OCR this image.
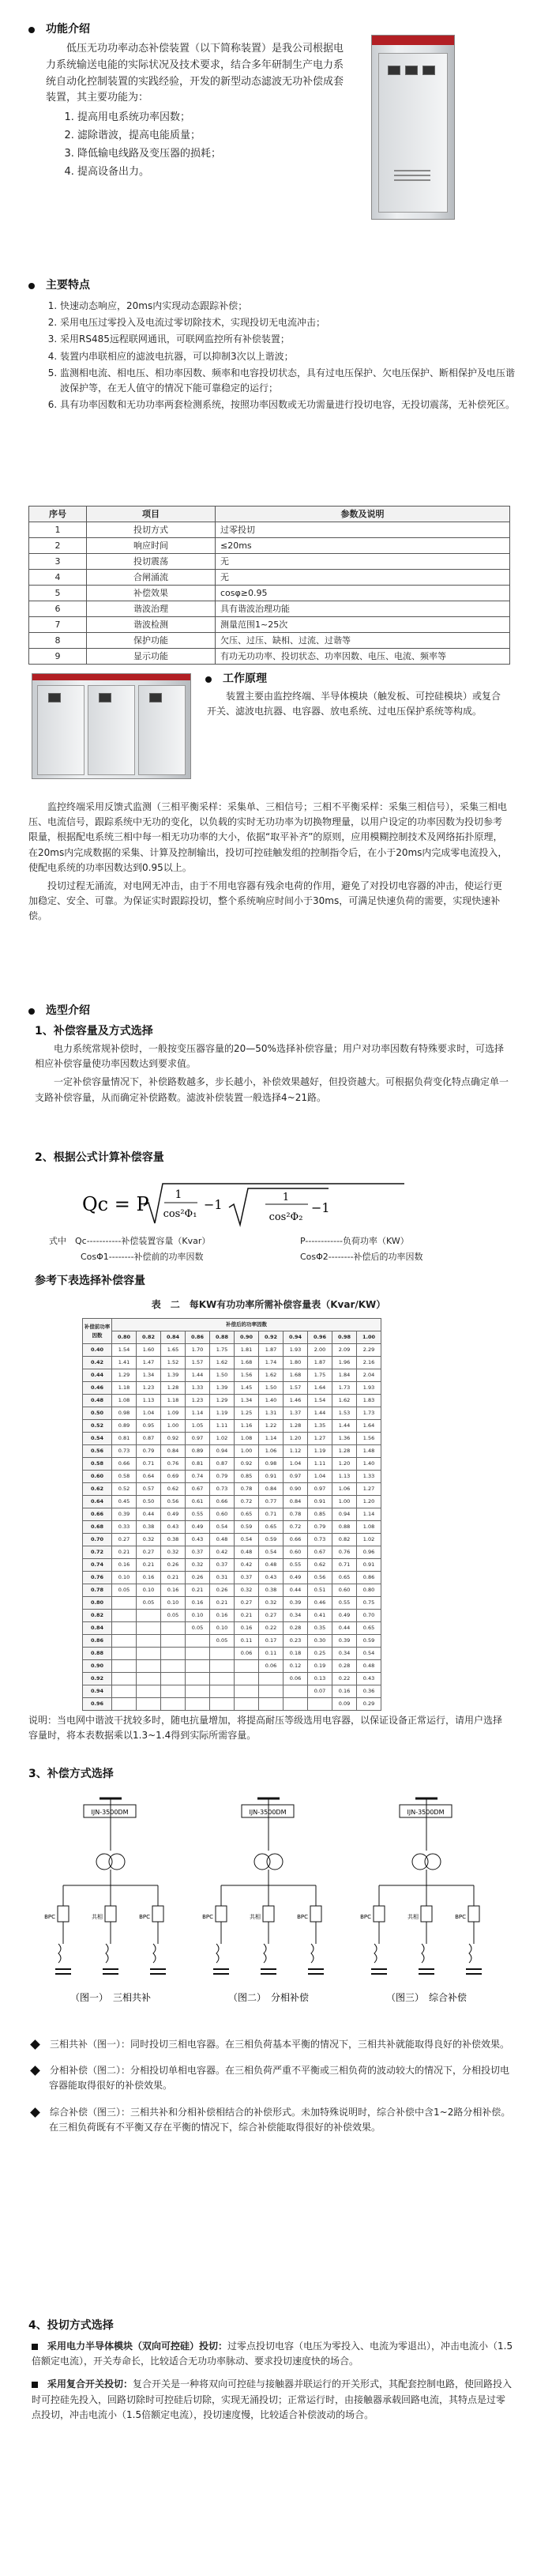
功能介绍

低压无功功率动态补偿装置（以下简称装置）是我公司根据电力系统输送电能的实际状况及技术要求，结合多年研制生产电力系统自动化控制装置的实践经验，开发的新型动态滤波无功补偿成套装置，其主要功能为：

1. 提高用电系统功率因数；
2. 滤除谐波，提高电能质量；
3. 降低输电线路及变压器的损耗；
4. 提高设备出力。
主要特点
1. 快速动态响应，20ms内实现动态跟踪补偿；
2. 采用电压过零投入及电流过零切除技术，实现投切无电流冲击；
3. 采用RS485远程联网通讯，可联网监控所有补偿装置；
4. 装置内串联相应的滤波电抗器，可以抑制3次以上谐波；
5. 监测相电流、相电压、相功率因数、频率和电容投切状态，具有过电压保护、欠电压保护、断相保护及电压谐波保护等，在无人值守的情况下能可靠稳定的运行；
6. 具有功率因数和无功功率两套检测系统，按照功率因数或无功需量进行投切电容，无投切震荡，无补偿死区。
序号	项目	参数及说明
1	投切方式	过零投切
2	响应时间	≤20ms
3	投切震荡	无
4	合闸涌流	无
5	补偿效果	cosφ≥0.95
6	谐波治理	具有谐波治理功能
7	谐波检测	测量范围1~25次
8	保护功能	欠压、过压、缺相、过流、过谐等
9	显示功能	有功无功功率、投切状态、功率因数、电压、电流、频率等
工作原理

装置主要由监控终端、半导体模块（触发板、可控硅模块）或复合开关、滤波电抗器、电容器、放电系统、过电压保护系统等构成。

监控终端采用反馈式监测（三相平衡采样：采集单、三相信号；三相不平衡采样：采集三相信号），采集三相电压、电流信号，跟踪系统中无功的变化，以负载的实时无功功率为切换物理量，以用户设定的功率因数为投切参考限量，根据配电系统三相中每一相无功功率的大小，依据“取平补齐”的原则，应用模糊控制技术及网络拓扑原理，在20ms内完成数据的采集、计算及控制输出，投切可控硅触发组的控制指令后，在小于20ms内完成零电流投入，使配电系统的功率因数达到0.95以上。

投切过程无涌流，对电网无冲击，由于不用电容器有残余电荷的作用，避免了对投切电容器的冲击，使运行更加稳定、安全、可靠。为保证实时跟踪投切，整个系统响应时间小于30ms，可满足快速负荷的需要，实现快速补偿。

选型介绍
1、补偿容量及方式选择

电力系统常规补偿时，一般按变压器容量的20—50%选择补偿容量；用户对功率因数有特殊要求时，可选择相应补偿容量使功率因数达到要求值。

一定补偿容量情况下，补偿路数越多，步长越小，补偿效果越好，但投资越大。可根据负荷变化特点确定单一支路补偿容量，从而确定补偿路数。滤波补偿装置一般选择4~21路。

2、根据公式计算补偿容量
Qc = P 1
cos²Φ₁
−1	1
cos²Φ₂
−1
式中　Qc-----------补偿装置容量（Kvar）	P------------负荷功率（KW）
CosΦ1--------补偿前的功率因数	CosΦ2--------补偿后的功率因数
参考下表选择补偿容量
表　二　每KW有功功率所需补偿容量表（Kvar/KW）
补偿前功率因数	补偿后的功率因数										
	0.80	0.82	0.84	0.86	0.88	0.90	0.92	0.94	0.96	0.98	1.00
0.40	1.54	1.60	1.65	1.70	1.75	1.81	1.87	1.93	2.00	2.09	2.29
0.42	1.41	1.47	1.52	1.57	1.62	1.68	1.74	1.80	1.87	1.96	2.16
0.44	1.29	1.34	1.39	1.44	1.50	1.56	1.62	1.68	1.75	1.84	2.04
0.46	1.18	1.23	1.28	1.33	1.39	1.45	1.50	1.57	1.64	1.73	1.93
0.48	1.08	1.13	1.18	1.23	1.29	1.34	1.40	1.46	1.54	1.62	1.83
0.50	0.98	1.04	1.09	1.14	1.19	1.25	1.31	1.37	1.44	1.53	1.73
0.52	0.89	0.95	1.00	1.05	1.11	1.16	1.22	1.28	1.35	1.44	1.64
0.54	0.81	0.87	0.92	0.97	1.02	1.08	1.14	1.20	1.27	1.36	1.56
0.56	0.73	0.79	0.84	0.89	0.94	1.00	1.06	1.12	1.19	1.28	1.48
0.58	0.66	0.71	0.76	0.81	0.87	0.92	0.98	1.04	1.11	1.20	1.40
0.60	0.58	0.64	0.69	0.74	0.79	0.85	0.91	0.97	1.04	1.13	1.33
0.62	0.52	0.57	0.62	0.67	0.73	0.78	0.84	0.90	0.97	1.06	1.27
0.64	0.45	0.50	0.56	0.61	0.66	0.72	0.77	0.84	0.91	1.00	1.20
0.66	0.39	0.44	0.49	0.55	0.60	0.65	0.71	0.78	0.85	0.94	1.14
0.68	0.33	0.38	0.43	0.49	0.54	0.59	0.65	0.72	0.79	0.88	1.08
0.70	0.27	0.32	0.38	0.43	0.48	0.54	0.59	0.66	0.73	0.82	1.02
0.72	0.21	0.27	0.32	0.37	0.42	0.48	0.54	0.60	0.67	0.76	0.96
0.74	0.16	0.21	0.26	0.32	0.37	0.42	0.48	0.55	0.62	0.71	0.91
0.76	0.10	0.16	0.21	0.26	0.31	0.37	0.43	0.49	0.56	0.65	0.86
0.78	0.05	0.10	0.16	0.21	0.26	0.32	0.38	0.44	0.51	0.60	0.80
0.80		0.05	0.10	0.16	0.21	0.27	0.32	0.39	0.46	0.55	0.75
0.82			0.05	0.10	0.16	0.21	0.27	0.34	0.41	0.49	0.70
0.84				0.05	0.10	0.16	0.22	0.28	0.35	0.44	0.65
0.86					0.05	0.11	0.17	0.23	0.30	0.39	0.59
0.88						0.06	0.11	0.18	0.25	0.34	0.54
0.90							0.06	0.12	0.19	0.28	0.48
0.92								0.06	0.13	0.22	0.43
0.94									0.07	0.16	0.36
0.96										0.09	0.29
说明：当电网中谐波干扰较多时，随电抗量增加，将提高耐压等级选用电容器，以保证设备正常运行，请用户选择容量时，将本表数据乘以1.3~1.4得到实际所需容量。
3、补偿方式选择
IJN-3500DM
BPC	共相	BPC
（图一）　三相共补
IJN-3500DM
BPC	共相	BPC
（图二）　分相补偿
IJN-3500DM
BPC	共相	BPC
（图三）　综合补偿
三相共补（图一）：同时投切三相电容器。在三相负荷基本平衡的情况下，三相共补就能取得良好的补偿效果。
分相补偿（图二）：分相投切单相电容器。在三相负荷严重不平衡或三相负荷的波动较大的情况下，分相投切电容器能取得很好的补偿效果。
综合补偿（图三）：三相共补和分相补偿相结合的补偿形式。未加特殊说明时，综合补偿中含1~2路分相补偿。在三相负荷既有不平衡又存在平衡的情况下，综合补偿能取得很好的补偿效果。
4、投切方式选择
采用电力半导体模块（双向可控硅）投切：过零点投切电容（电压为零投入、电流为零退出），冲击电流小（1.5倍额定电流），开关寿命长，比较适合无功功率脉动、要求投切速度快的场合。
采用复合开关投切：复合开关是一种将双向可控硅与接触器并联运行的开关形式，其配套控制电路，使回路投入时可控硅先投入，回路切除时可控硅后切除，实现无涌投切；正常运行时，由接触器承载回路电流，其特点是过零点投切，冲击电流小（1.5倍额定电流），投切速度慢，比较适合补偿波动的场合。
